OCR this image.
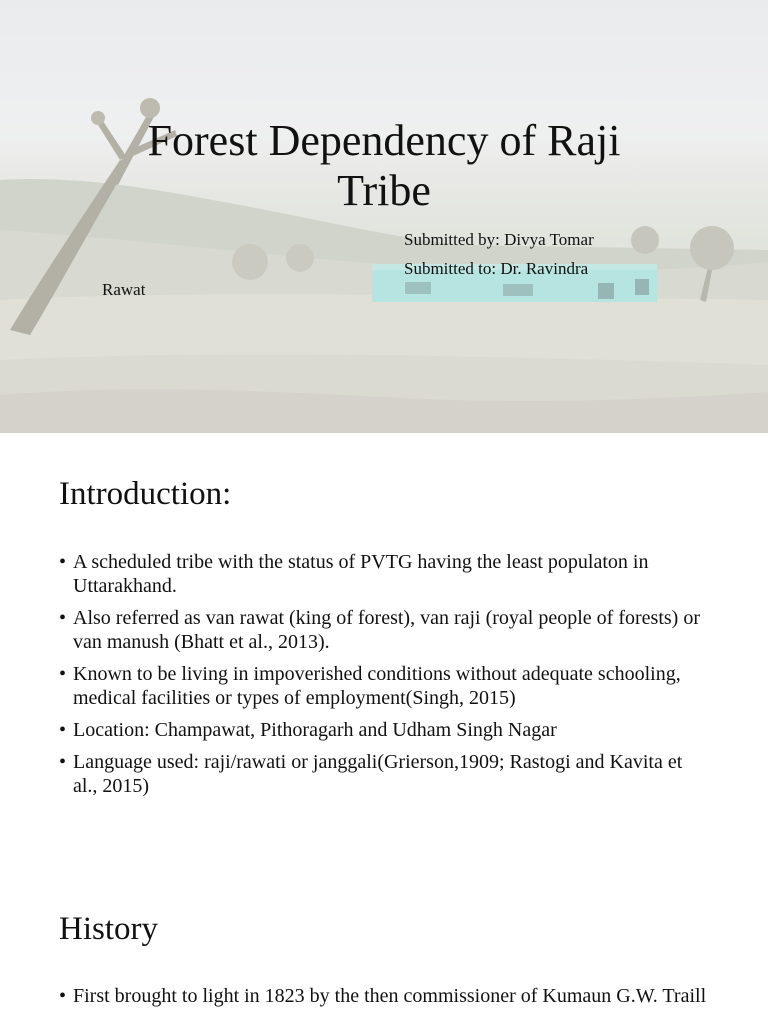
Forest Dependency of Raji
Tribe
Submitted by: Divya Tomar
Submitted to: Dr. Ravindra
Rawat
Introduction:
• A scheduled tribe with the status of PVTG having the least populaton in Uttarakhand.
• Also referred as van rawat (king of forest), van raji (royal people of forests) or van manush (Bhatt et al., 2013).
• Known to be living in impoverished conditions without adequate schooling, medical facilities or types of employment(Singh, 2015)
• Location: Champawat, Pithoragarh and Udham Singh Nagar
• Language used: raji/rawati or janggali(Grierson,1909; Rastogi and Kavita et al., 2015)
History
• First brought to light in 1823 by the then commissioner of Kumaun G.W. Traill
